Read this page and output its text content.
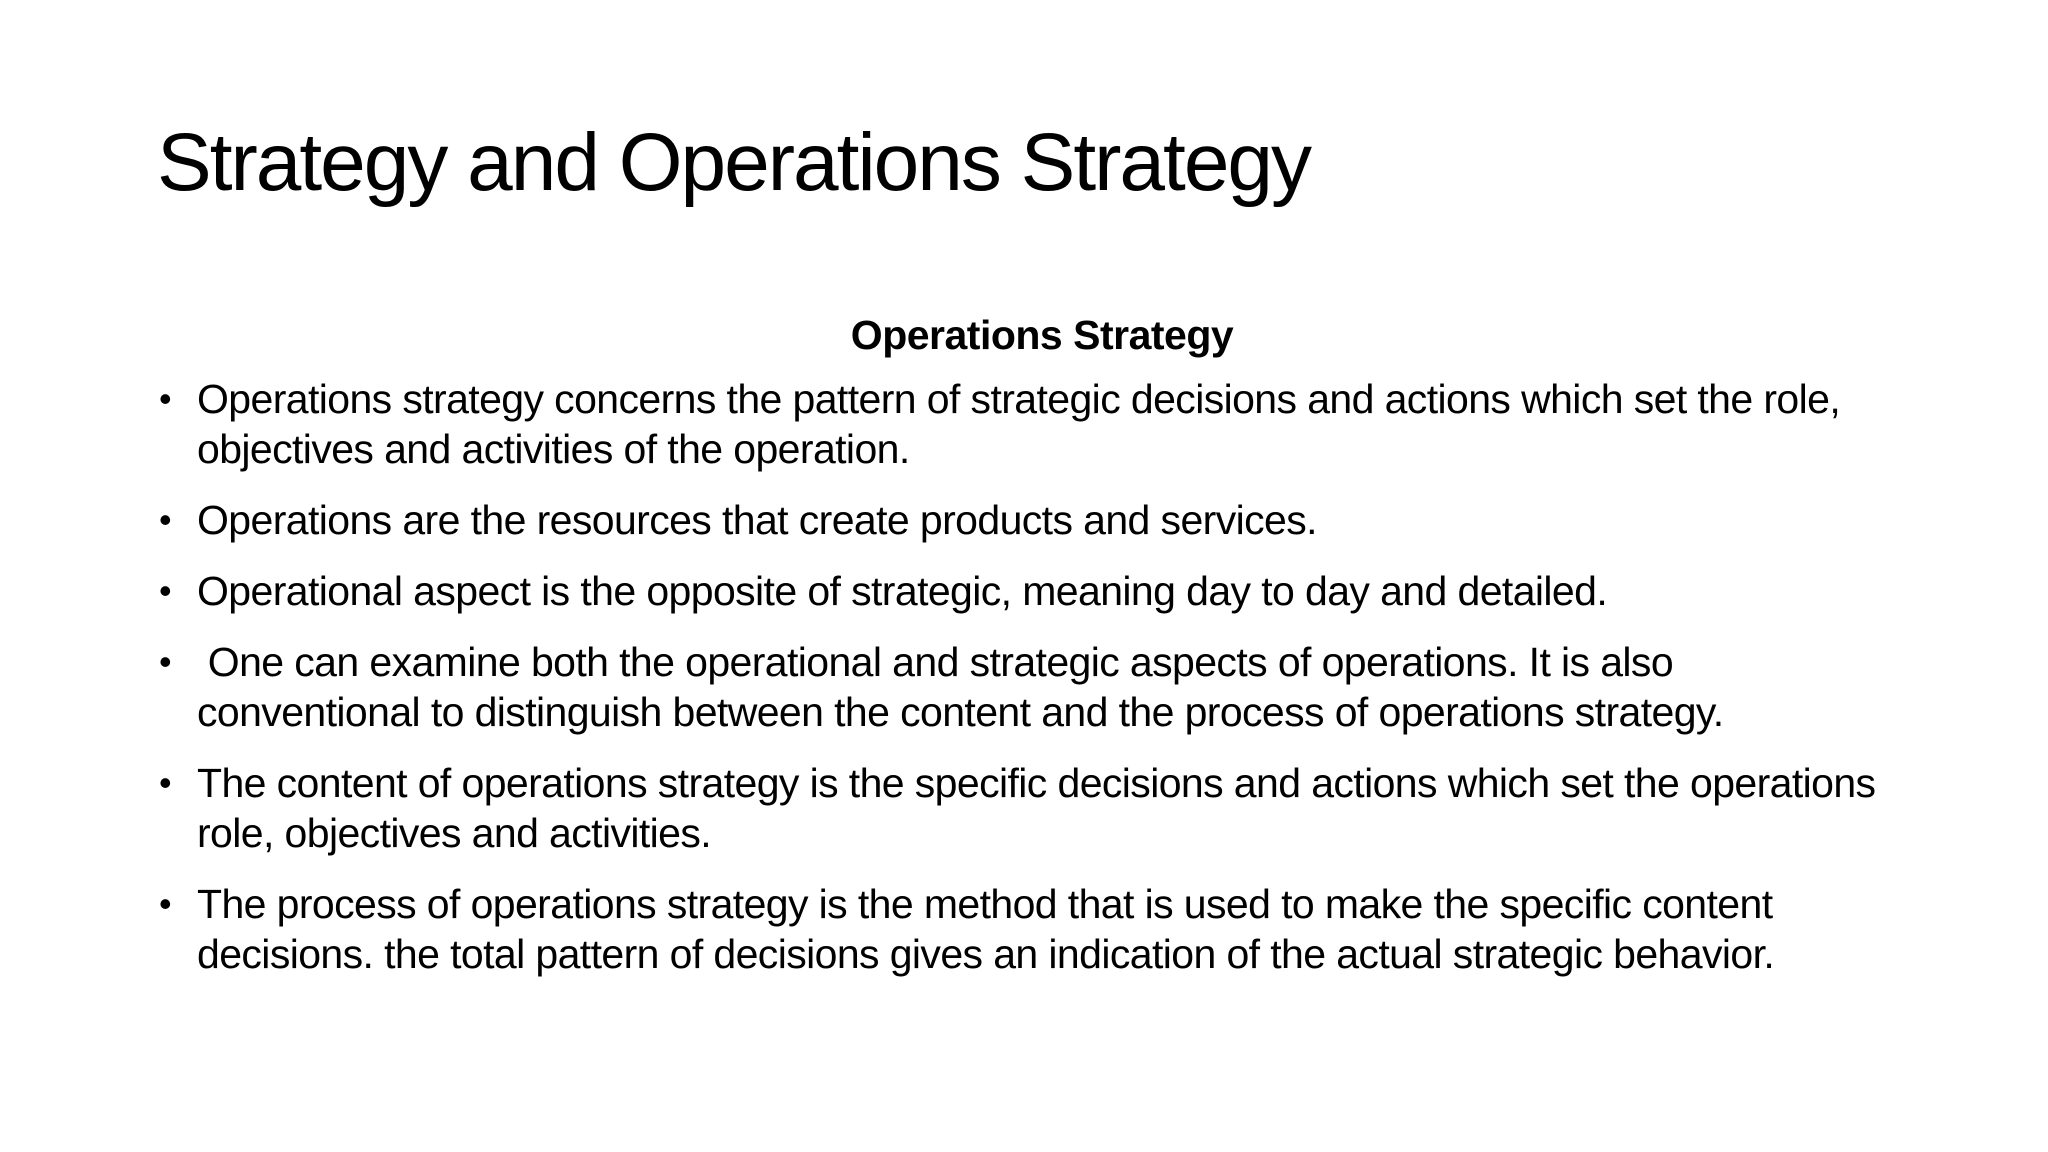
Strategy and Operations Strategy
Operations Strategy
• Operations strategy concerns the pattern of strategic decisions and actions which set the role, objectives and activities of the operation.
• Operations are the resources that create products and services.
• Operational aspect is the opposite of strategic, meaning day to day and detailed.
• One can examine both the operational and strategic aspects of operations. It is also conventional to distinguish between the content and the process of operations strategy.
• The content of operations strategy is the specific decisions and actions which set the operations role, objectives and activities.
• The process of operations strategy is the method that is used to make the specific content decisions. the total pattern of decisions gives an indication of the actual strategic behavior.
